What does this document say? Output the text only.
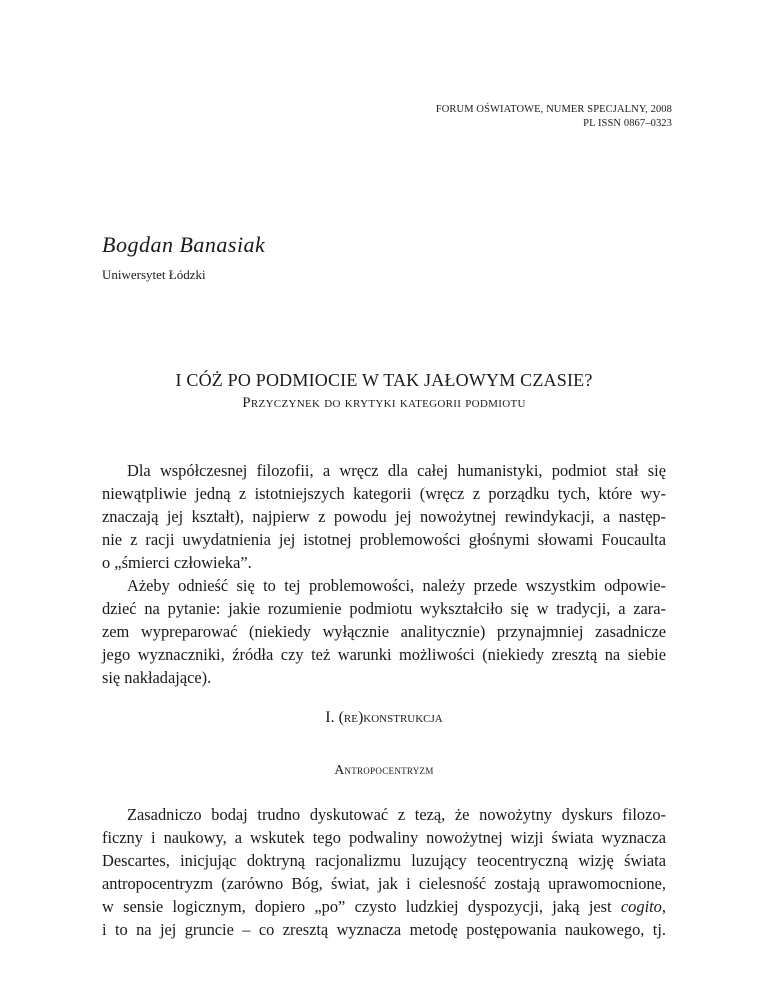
FORUM OŚWIATOWE, NUMER SPECJALNY, 2008
PL ISSN 0867–0323
Bogdan Banasiak
Uniwersytet Łódzki
I CÓŻ PO PODMIOCIE W TAK JAŁOWYM CZASIE?
Przyczynek do krytyki kategorii podmiotu
Dla współczesnej filozofii, a wręcz dla całej humanistyki, podmiot stał się
niewątpliwie jedną z istotniejszych kategorii (wręcz z porządku tych, które wy-
znaczają jej kształt), najpierw z powodu jej nowożytnej rewindykacji, a następ-
nie z racji uwydatnienia jej istotnej problemowości głośnymi słowami Foucaulta
o „śmierci człowieka”.
Ażeby odnieść się to tej problemowości, należy przede wszystkim odpowie-
dzieć na pytanie: jakie rozumienie podmiotu wykształciło się w tradycji, a zara-
zem wypreparować (niekiedy wyłącznie analitycznie) przynajmniej zasadnicze
jego wyznaczniki, źródła czy też warunki możliwości (niekiedy zresztą na siebie
się nakładające).
I. (re)konstrukcja
Antropocentryzm
Zasadniczo bodaj trudno dyskutować z tezą, że nowożytny dyskurs filozo-
ficzny i naukowy, a wskutek tego podwaliny nowożytnej wizji świata wyznacza
Descartes, inicjując doktryną racjonalizmu luzujący teocentryczną wizję świata
antropocentryzm (zarówno Bóg, świat, jak i cielesność zostają uprawomocnione,
w sensie logicznym, dopiero „po” czysto ludzkiej dyspozycji, jaką jest cogito,
i to na jej gruncie – co zresztą wyznacza metodę postępowania naukowego, tj.
